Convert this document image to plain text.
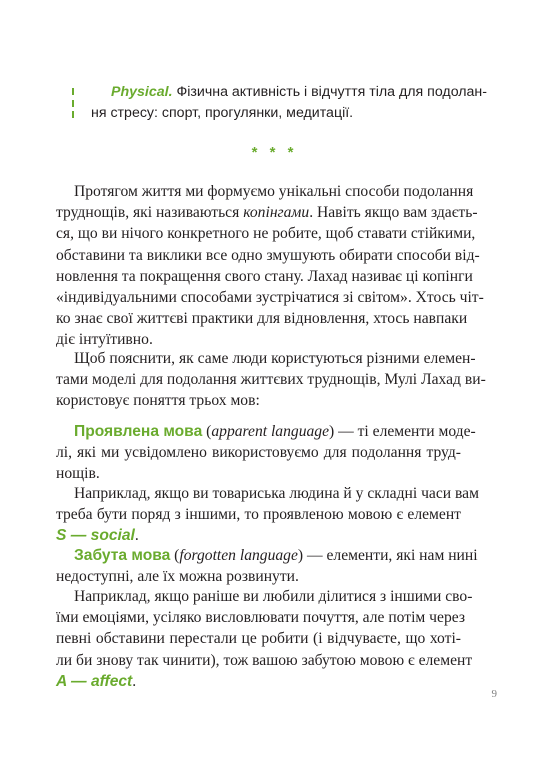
Physical. Фізична активність і відчуття тіла для подолан-
ня стресу: спорт, прогулянки, медитації.
* * *
Протягом життя ми формуємо унікальні способи подолання
труднощів, які називаються копінгами. Навіть якщо вам здаєть-
ся, що ви нічого конкретного не робите, щоб ставати стійкими,
обставини та виклики все одно змушують обирати способи від-
новлення та покращення свого стану. Лахад називає ці копінги
«індивідуальними способами зустрічатися зі світом». Хтось чіт-
ко знає свої життєві практики для відновлення, хтось навпаки
діє інтуїтивно.
Щоб пояснити, як саме люди користуються різними елемен-
тами моделі для подолання життєвих труднощів, Мулі Лахад ви-
користовує поняття трьох мов:
Проявлена мова (apparent language) — ті елементи моде-
лі, які ми усвідомлено використовуємо для подолання труд-
нощів.
Наприклад, якщо ви товариська людина й у складні часи вам
треба бути поряд з іншими, то проявленою мовою є елемент
S — social.
Забута мова (forgotten language) — елементи, які нам нині
недоступні, але їх можна розвинути.
Наприклад, якщо раніше ви любили ділитися з іншими сво-
їми емоціями, усіляко висловлювати почуття, але потім через
певні обставини перестали це робити (і відчуваєте, що хоті-
ли би знову так чинити), тож вашою забутою мовою є елемент
A — affect.
9
